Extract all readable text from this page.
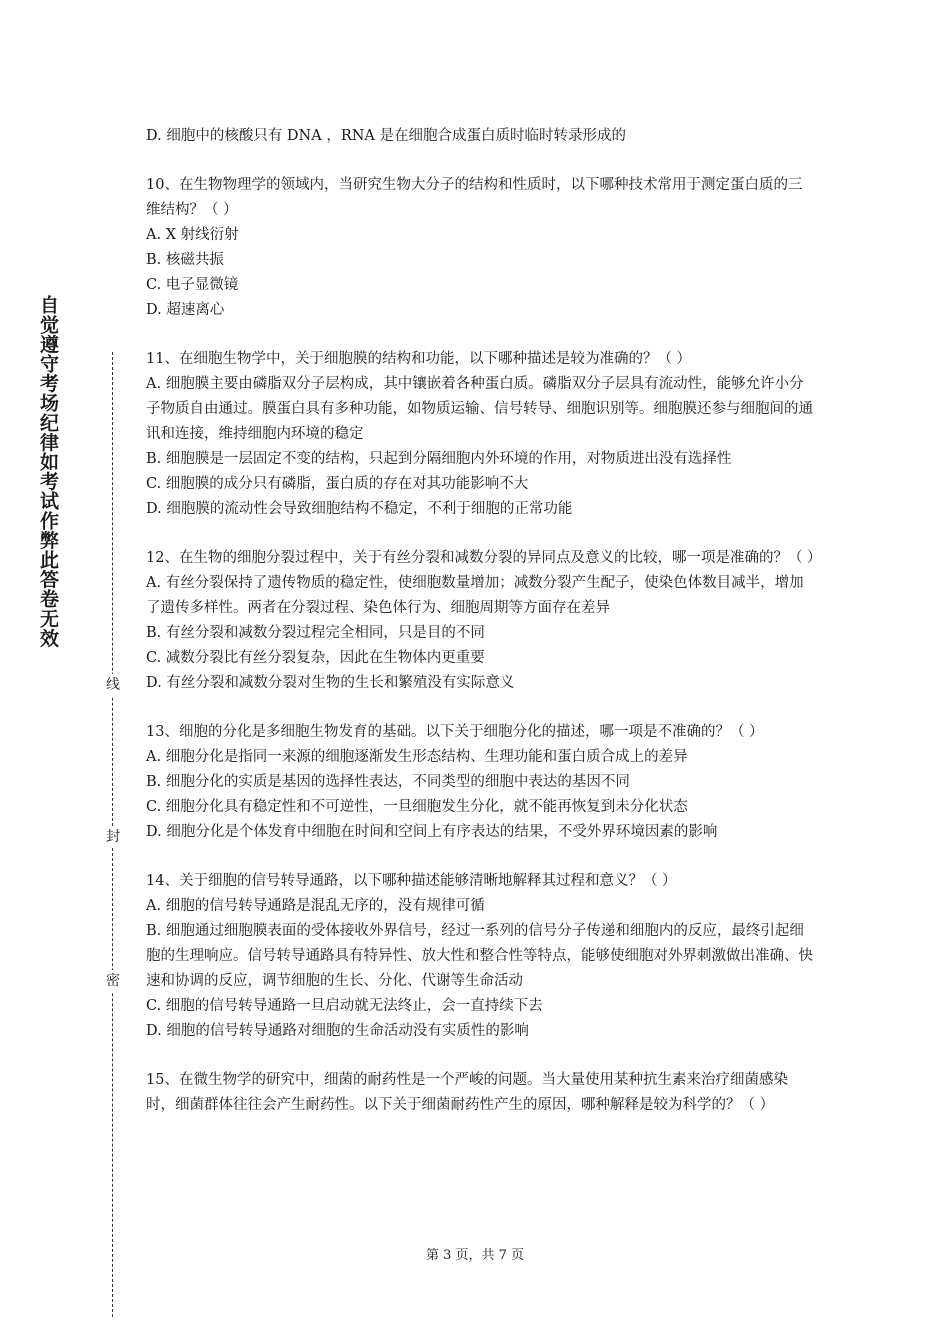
自觉遵守考场纪律如考试作弊此答卷无效
线
封
密

D. 细胞中的核酸只有 DNA ，RNA 是在细胞合成蛋白质时临时转录形成的

10、在生物物理学的领域内，当研究生物大分子的结构和性质时，以下哪种技术常用于测定蛋白质的三维结构？（ ）

A. X 射线衍射

B. 核磁共振

C. 电子显微镜

D. 超速离心

11、在细胞生物学中，关于细胞膜的结构和功能，以下哪种描述是较为准确的？（ ）

A. 细胞膜主要由磷脂双分子层构成，其中镶嵌着各种蛋白质。磷脂双分子层具有流动性，能够允许小分子物质自由通过。膜蛋白具有多种功能，如物质运输、信号转导、细胞识别等。细胞膜还参与细胞间的通讯和连接，维持细胞内环境的稳定

B. 细胞膜是一层固定不变的结构，只起到分隔细胞内外环境的作用，对物质进出没有选择性

C. 细胞膜的成分只有磷脂，蛋白质的存在对其功能影响不大

D. 细胞膜的流动性会导致细胞结构不稳定，不利于细胞的正常功能

12、在生物的细胞分裂过程中，关于有丝分裂和减数分裂的异同点及意义的比较，哪一项是准确的？（ ）

A. 有丝分裂保持了遗传物质的稳定性，使细胞数量增加；减数分裂产生配子，使染色体数目减半，增加了遗传多样性。两者在分裂过程、染色体行为、细胞周期等方面存在差异

B. 有丝分裂和减数分裂过程完全相同，只是目的不同

C. 减数分裂比有丝分裂复杂，因此在生物体内更重要

D. 有丝分裂和减数分裂对生物的生长和繁殖没有实际意义

13、细胞的分化是多细胞生物发育的基础。以下关于细胞分化的描述，哪一项是不准确的？（ ）

A. 细胞分化是指同一来源的细胞逐渐发生形态结构、生理功能和蛋白质合成上的差异

B. 细胞分化的实质是基因的选择性表达，不同类型的细胞中表达的基因不同

C. 细胞分化具有稳定性和不可逆性，一旦细胞发生分化，就不能再恢复到未分化状态

D. 细胞分化是个体发育中细胞在时间和空间上有序表达的结果，不受外界环境因素的影响

14、关于细胞的信号转导通路，以下哪种描述能够清晰地解释其过程和意义？（ ）

A. 细胞的信号转导通路是混乱无序的，没有规律可循

B. 细胞通过细胞膜表面的受体接收外界信号，经过一系列的信号分子传递和细胞内的反应，最终引起细胞的生理响应。信号转导通路具有特异性、放大性和整合性等特点，能够使细胞对外界刺激做出准确、快速和协调的反应，调节细胞的生长、分化、代谢等生命活动

C. 细胞的信号转导通路一旦启动就无法终止，会一直持续下去

D. 细胞的信号转导通路对细胞的生命活动没有实质性的影响

15、在微生物学的研究中，细菌的耐药性是一个严峻的问题。当大量使用某种抗生素来治疗细菌感染时，细菌群体往往会产生耐药性。以下关于细菌耐药性产生的原因，哪种解释是较为科学的？（ ）

第 3 页，共 7 页
